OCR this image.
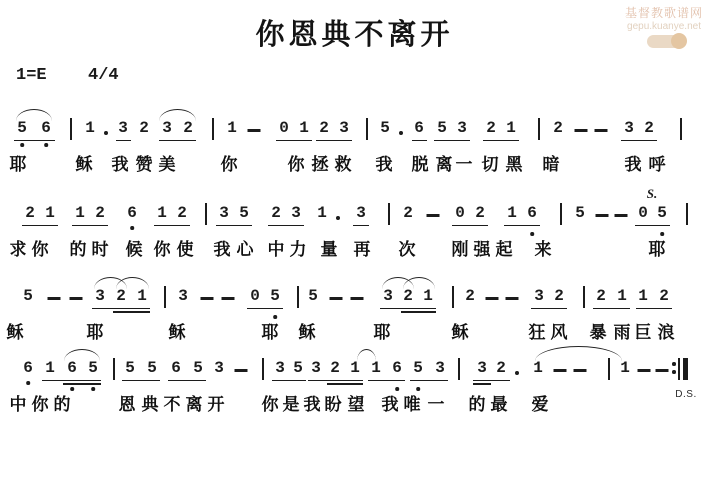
你恩典不离开
1=E 4/4
基督教歌谱网
gepu.kuanye.net
5 6 1 3 2 3 2 1	0 1 2 3 5 6 5 3 2 1 2	3 2
耶	稣 我 赞 美	你	你 拯 救 我 脱 离 一 切 黑 暗	我 呼
2 1 1 2 6 1 2 3 5 2 3 1 3 2	0 2 1 6 5	0 5
S.
求 你 的 时 候 你 使 我 心 中 力 量 再 次 刚 强 起 来	耶
5	3 2 1 3	0 5 5	3 2 1 2	3 2 2 1 1 2
稣	耶	稣	耶 稣	耶	稣	狂 风 暴 雨 巨 浪
6 1 6 5 5 5 6 5 3	3 5 3 2 1 1 6 5 3 3 2 1	1
D.S.
中 你 的	恩 典 不 离 开 你 是 我 盼 望 我 唯 一 的 最 爱
